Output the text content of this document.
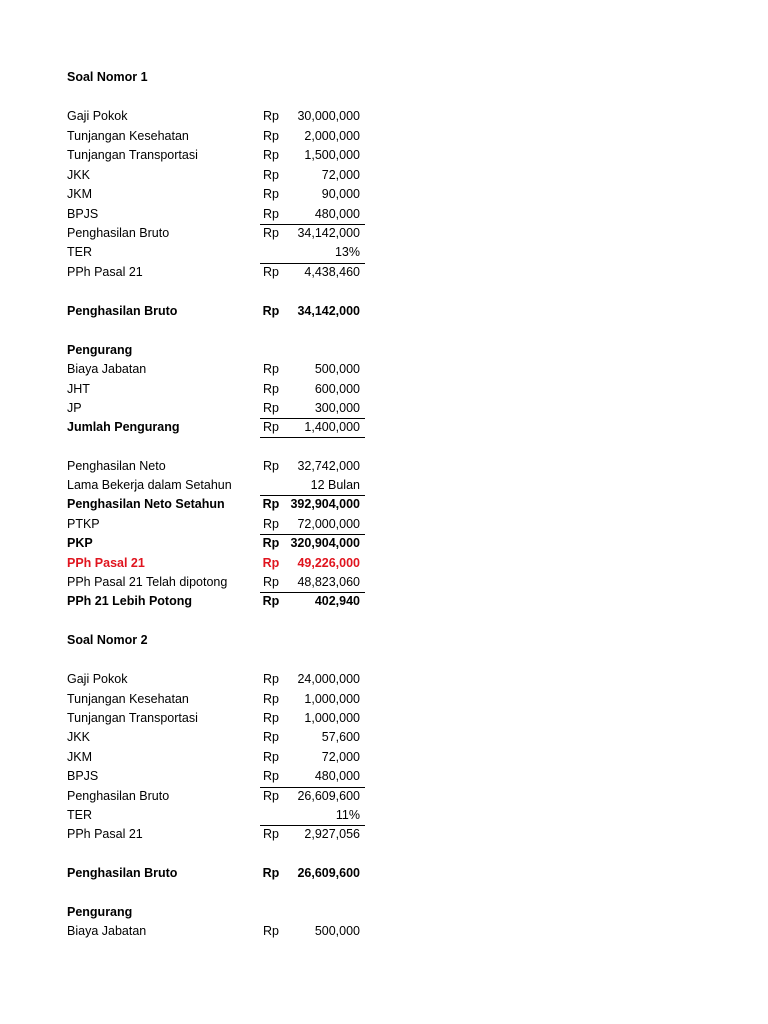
Soal Nomor 1
Gaji Pokok	Rp	30,000,000
Tunjangan Kesehatan	Rp	2,000,000
Tunjangan Transportasi	Rp	1,500,000
JKK	Rp	72,000
JKM	Rp	90,000
BPJS	Rp	480,000
Penghasilan Bruto	Rp	34,142,000
TER	13%
PPh Pasal 21	Rp	4,438,460
Penghasilan Bruto	Rp	34,142,000
Pengurang
Biaya Jabatan	Rp	500,000
JHT	Rp	600,000
JP	Rp	300,000
Jumlah Pengurang	Rp	1,400,000
Penghasilan Neto	Rp	32,742,000
Lama Bekerja dalam Setahun	12 Bulan
Penghasilan Neto Setahun	Rp 392,904,000
PTKP	Rp	72,000,000
PKP	Rp 320,904,000
PPh Pasal 21	Rp	49,226,000
PPh Pasal 21 Telah dipotong	Rp	48,823,060
PPh 21 Lebih Potong	Rp	402,940
Soal Nomor 2
Gaji Pokok	Rp	24,000,000
Tunjangan Kesehatan	Rp	1,000,000
Tunjangan Transportasi	Rp	1,000,000
JKK	Rp	57,600
JKM	Rp	72,000
BPJS	Rp	480,000
Penghasilan Bruto	Rp	26,609,600
TER	11%
PPh Pasal 21	Rp	2,927,056
Penghasilan Bruto	Rp	26,609,600
Pengurang
Biaya Jabatan	Rp	500,000
